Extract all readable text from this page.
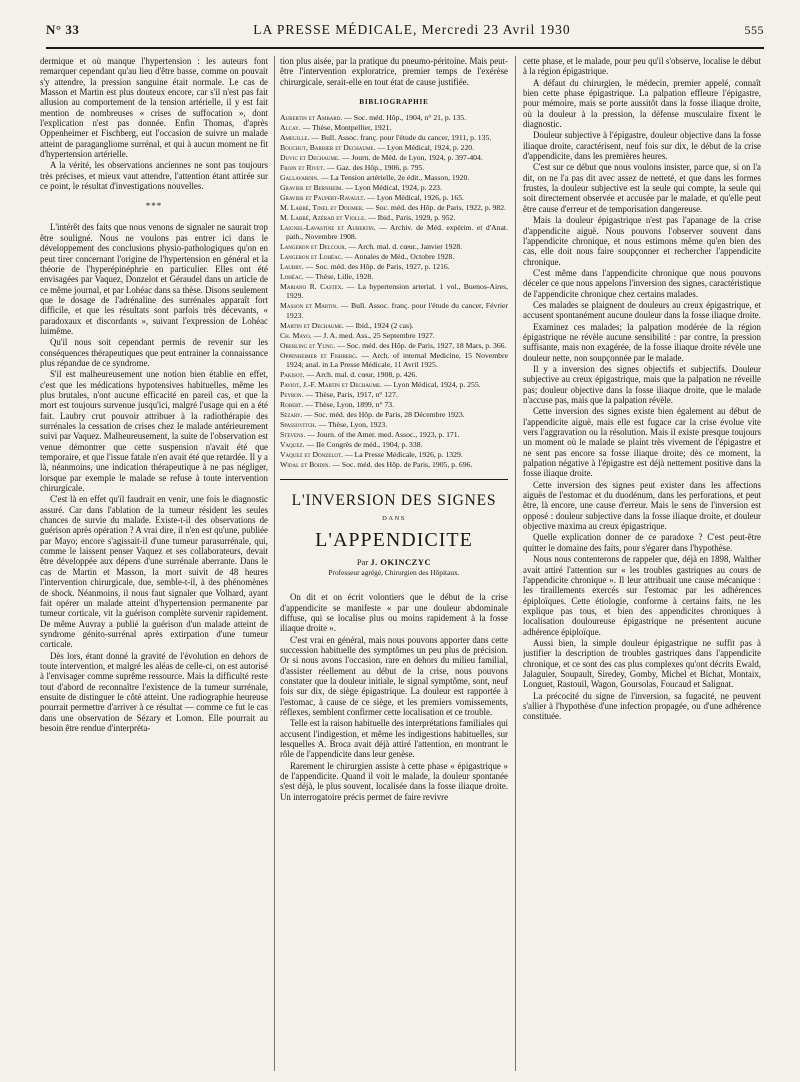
N° 33	LA PRESSE MÉDICALE, Mercredi 23 Avril 1930	555

dermique et où manque l'hypertension : les auteurs font remarquer cependant qu'au lieu d'être basse, comme on pouvait s'y attendre, la pression sanguine était normale. Le cas de Masson et Martin est plus douteux encore, car s'il n'est pas fait allusion au comportement de la tension artérielle, il y est fait mention de nombreuses « crises de suffocation », dont l'explication n'est pas donnée. Enfin Thomas, d'après Oppenheimer et Fischberg, eut l'occasion de suivre un malade atteint de paragangliome surrénal, et qui à aucun moment ne fit d'hypertension artérielle.

A la vérité, les observations anciennes ne sont pas toujours très précises, et mieux vaut attendre, l'attention étant attirée sur ce point, le résultat d'investigations nouvelles.

***

L'intérêt des faits que nous venons de signaler ne saurait trop être souligné. Nous ne voulons pas entrer ici dans le développement des conclusions physio-pathologiques qu'on en peut tirer concernant l'origine de l'hypertension en général et la théorie de l'hyperépinéphrie en particulier. Elles ont été envisagées par Vaquez, Donzelot et Géraudel dans un article de ce même journal, et par Lohéac dans sa thèse. Disons seulement que le dosage de l'adrénaline des surrénales apparaît fort difficile, et que les résultats sont parfois très décevants, « paradoxaux et discordants », suivant l'expression de Lohéac luimême.

Qu'il nous soit cependant permis de revenir sur les conséquences thérapeutiques que peut entrainer la connaissance plus répandue de ce syndrome.

S'il est malheureusement une notion bien établie en effet, c'est que les médications hypotensives habituelles, même les plus brutales, n'ont aucune efficacité en pareil cas, et que la mort est toujours survenue jusqu'ici, malgré l'usage qui en a été fait. Laubry crut pouvoir attribuer à la radiothérapie des surrénales la cessation de crises chez le malade antérieurement suivi par Vaquez. Malheureusement, la suite de l'observation est venue démontrer que cette suspension n'avait été que temporaire, et que l'issue fatale n'en avait été que retardée. Il y a là, néanmoins, une indication thérapeutique à ne pas négliger, lorsque par exemple le malade se refuse à toute intervention chirurgicale.

C'est là en effet qu'il faudrait en venir, une fois le diagnostic assuré. Car dans l'ablation de la tumeur résident les seules chances de survie du malade. Existe-t-il des observations de guérison après opération ? A vrai dire, il n'en est qu'une, publiée par Mayo; encore s'agissait-il d'une tumeur parasurrénale, qui, comme le laissent penser Vaquez et ses collaborateurs, devait être développée aux dépens d'une surrénale aberrante. Dans le cas de Martin et Masson, la mort suivit de 48 heures l'intervention chirurgicale, due, semble-t-il, à des phénomènes de shock. Néanmoins, il nous faut signaler que Volhard, ayant fait opérer un malade atteint d'hypertension permanente par tumeur corticale, vit la guérison complète survenir rapidement. De même Auvray a publié la guérison d'un malade atteint de syndrome génito-surrénal après extirpation d'une tumeur corticale.

Dès lors, étant donné la gravité de l'évolution en dehors de toute intervention, et malgré les aléas de celle-ci, on est autorisé à l'envisager comme suprême ressource. Mais la difficulté reste tout d'abord de reconnaître l'existence de la tumeur surrénale, ensuite de distinguer le côté atteint. Une radiographie heureuse pourrait permettre d'arriver à ce résultat — comme ce fut le cas dans une observation de Sézary et Lomon. Elle pourrait au besoin être rendue d'interpréta-

tion plus aisée, par la pratique du pneumo-péritoine. Mais peut-être l'intervention exploratrice, premier temps de l'exérèse chirurgicale, serait-elle en tout état de cause justifiée.

BIBLIOGRAPHIE
Aubertin et Ambard. — Soc. méd. Hôp., 1904, n° 21, p. 135.
Alcay. — Thèse, Montpellier, 1921.
Ameuille. — Bull. Assoc. franç. pour l'étude du cancer, 1911, p. 135.
Bouchut, Barbier et Dechaume. — Lyon Médical, 1924, p. 220.
Duvic et Dechaume. — Journ. de Méd. de Lyon, 1924, p. 397-404.
Froin et Rivet. — Gaz. des Hôp., 1906, p. 795.
Gallavardin. — La Tension artérielle, 2e édit., Masson, 1920.
Gravier et Bernheim. — Lyon Médical, 1924, p. 223.
Gravier et Paupert-Ravault. — Lyon Médical, 1926, p. 165.
M. Labbé, Tinel et Doumer. — Soc. méd. des Hôp. de Paris, 1922, p. 982.
M. Labbé, Azérad et Violle. — Ibid., Paris, 1929, p. 952.
Laignel-Lavastine et Aubertin. — Archiv. de Méd. expérim. et d'Anat. path., Novembre 1908.
Langeron et Delcour. — Arch. mal. d. cœur., Janvier 1928.
Langeron et Lohéac. — Annales de Méd., Octobre 1928.
Laubry. — Soc. méd. des Hôp. de Paris, 1927, p. 1216.
Lohéac. — Thèse, Lille, 1928.
Mariano R. Castex. — La hypertension arterial. 1 vol., Buenos-Aires, 1929.
Masson et Martin. — Bull. Assoc. franç. pour l'étude du cancer, Février 1923.
Martin et Dechaume. — Ibid., 1924 (2 cas).
Ch. Mayo. — J. A. med. Ass., 25 Septembre 1927.
Oberling et Yung. — Soc. méd. des Hôp. de Paris, 1927, 18 Mars, p. 366.
Oppenheimer et Fishberg. — Arch. of internal Medicine, 15 Novembre 1924; anal. in La Presse Médicale, 11 Avril 1925.
Pakisot. — Arch. mal. d. cœur, 1908, p. 426.
Paviot, J.-F. Martin et Dechaume. — Lyon Médical, 1924, p. 255.
Peyron. — Thèse, Paris, 1917, n° 127.
Robert. — Thèse, Lyon, 1899, n° 73.
Sézary. — Soc. méd. des Hôp. de Paris, 28 Décembre 1923.
Spassovitch. — Thèse, Lyon, 1923.
Stevens. — Journ. of the Amer. med. Assoc., 1923, p. 171.
Vaquez. — IIe Congrès de méd., 1904, p. 338.
Vaquez et Donzelot. — La Presse Médicale, 1926, p. 1329.
Widal et Boidin. — Soc. méd. des Hôp. de Paris, 1905, p. 696.
L'INVERSION DES SIGNES
DANS
L'APPENDICITE
Par J. OKINCZYC
Professeur agrégé, Chirurgien des Hôpitaux.

On dit et on écrit volontiers que le début de la crise d'appendicite se manifeste « par une douleur abdominale diffuse, qui se localise plus ou moins rapidement à la fosse iliaque droite ».

C'est vrai en général, mais nous pouvons apporter dans cette succession habituelle des symptômes un peu plus de précision. Or si nous avons l'occasion, rare en dehors du milieu familial, d'assister réellement au début de la crise, nous pouvons constater que la douleur initiale, le signal symptôme, sont, neuf fois sur dix, de siège épigastrique. La douleur est rapportée à l'estomac, à cause de ce siège, et les premiers vomissements, réflexes, semblent confirmer cette localisation et ce trouble.

Telle est la raison habituelle des interprétations familiales qui accusent l'indigestion, et même les indigestions habituelles, sur lesquelles A. Broca avait déjà attiré l'attention, en montrant le rôle de l'appendicite dans leur genèse.

Rarement le chirurgien assiste à cette phase « épigastrique » de l'appendicite. Quand il voit le malade, la douleur spontanée s'est déjà, le plus souvent, localisée dans la fosse iliaque droite. Un interrogatoire précis permet de faire revivre

cette phase, et le malade, pour peu qu'il s'observe, localise le début à la région épigastrique.

A défaut du chirurgien, le médecin, premier appelé, connaît bien cette phase épigastrique. La palpation effleure l'épigastre, pour mémoire, mais se porte aussitôt dans la fosse iliaque droite, où la douleur à la pression, la défense musculaire fixent le diagnostic.

Douleur subjective à l'épigastre, douleur objective dans la fosse iliaque droite, caractérisent, neuf fois sur dix, le début de la crise d'appendicite, dans les premières heures.

C'est sur ce début que nous voulons insister, parce que, si on l'a dit, on ne l'a pas dit avec assez de netteté, et que dans les formes frustes, la douleur subjective est la seule qui compte, la seule qui soit directement observée et accusée par le malade, et qu'elle peut être cause d'erreur et de temporisation dangereuse.

Mais la douleur épigastrique n'est pas l'apanage de la crise d'appendicite aiguë. Nous pouvons l'observer souvent dans l'appendicite chronique, et nous estimons même qu'en bien des cas, elle doit nous faire soupçonner et rechercher l'appendicite chronique.

C'est même dans l'appendicite chronique que nous pouvons déceler ce que nous appelons l'inversion des signes, caractéristique de l'appendicite chronique chez certains malades.

Ces malades se plaignent de douleurs au creux épigastrique, et accusent spontanément aucune douleur dans la fosse iliaque droite.

Examinez ces malades; la palpation modérée de la région épigastrique ne révèle aucune sensibilité : par contre, la pression suffisante, mais non exagérée, de la fosse iliaque droite révèle une douleur nette, non soupçonnée par le malade.

Il y a inversion des signes objectifs et subjectifs. Douleur subjective au creux épigastrique, mais que la palpation ne réveille pas; douleur objective dans la fosse iliaque droite, que le malade n'accuse pas, mais que la palpation révèle.

Cette inversion des signes existe bien également au début de l'appendicite aiguë, mais elle est fugace car la crise évolue vite vers l'aggravation ou la résolution. Mais il existe presque toujours un moment où le malade se plaint très vivement de l'épigastre et ne sent pas encore sa fosse iliaque droite; dès ce moment, la palpation négative à l'épigastre est déjà nettement positive dans la fosse iliaque droite.

Cette inversion des signes peut exister dans les affections aiguës de l'estomac et du duodénum, dans les perforations, et peut être, là encore, une cause d'erreur. Mais le sens de l'inversion est opposé : douleur subjective dans la fosse iliaque droite, et douleur objective maxima au creux épigastrique.

Quelle explication donner de ce paradoxe ? C'est peut-être quitter le domaine des faits, pour s'égarer dans l'hypothèse.

Nous nous contenterons de rappeler que, déjà en 1898, Walther avait attiré l'attention sur « les troubles gastriques au cours de l'appendicite chronique ». Il leur attribuait une cause mécanique : les tiraillements exercés sur l'estomac par les adhérences épiploïques. Cette étiologie, conforme à certains faits, ne les explique pas tous, et bien des appendicites chroniques à localisation douloureuse épigastrique ne présentent aucune adhérence épiploïque.

Aussi bien, la simple douleur épigastrique ne suffit pas à justifier la description de troubles gastriques dans l'appendicite chronique, et ce sont des cas plus complexes qu'ont décrits Ewald, Jalaguier, Soupault, Siredey, Gomby, Michel et Bichat, Montaix, Longuet, Rastouil, Wagon, Goursolas, Foucaud et Salignat.

La précocité du signe de l'inversion, sa fugacité, ne peuvent s'allier à l'hypothèse d'une infection propagée, ou d'une adhérence constituée.
